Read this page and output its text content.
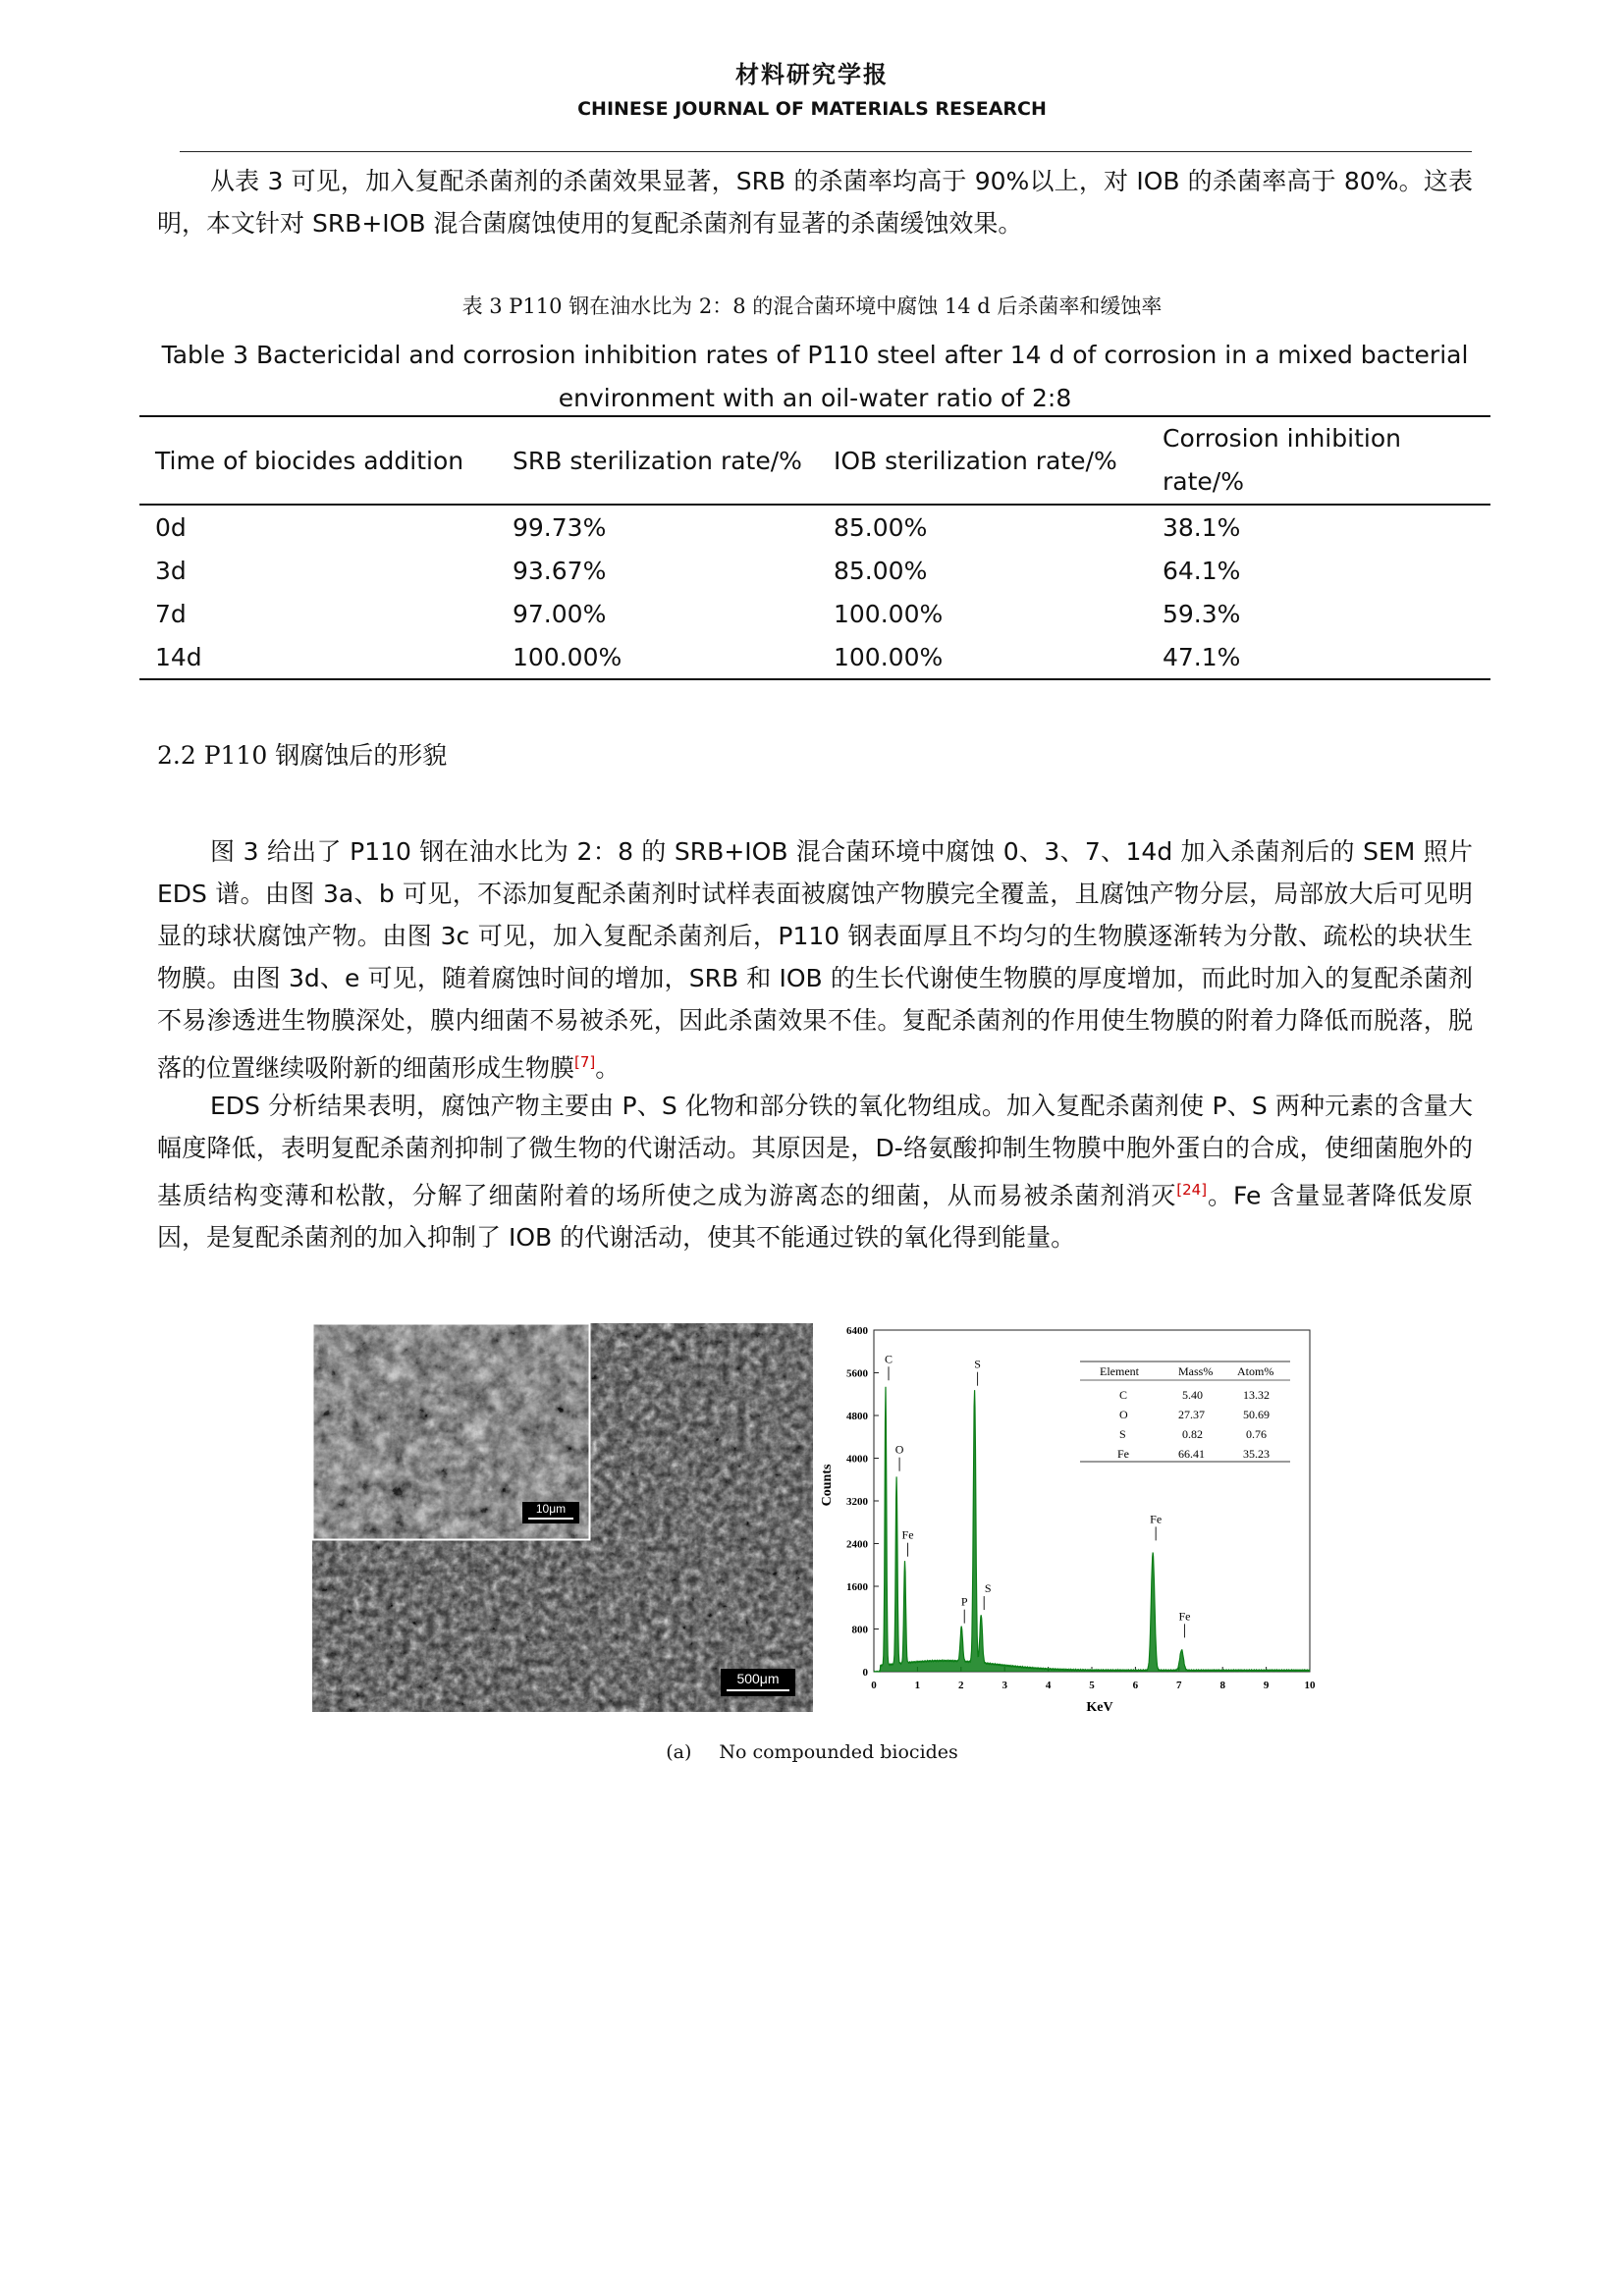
材料研究学报
CHINESE JOURNAL OF MATERIALS RESEARCH
从表 3 可见，加入复配杀菌剂的杀菌效果显著，SRB 的杀菌率均高于 90%以上，对 IOB 的杀菌率高于 80%。这表明，本文针对 SRB+IOB 混合菌腐蚀使用的复配杀菌剂有显著的杀菌缓蚀效果。
表 3 P110 钢在油水比为 2：8 的混合菌环境中腐蚀 14 d 后杀菌率和缓蚀率
Table 3 Bactericidal and corrosion inhibition rates of P110 steel after 14 d of corrosion in a mixed bacterial environment with an oil-water ratio of 2:8
Time of biocides addition	SRB sterilization rate/%	IOB sterilization rate/%	Corrosion inhibition rate/%
0d	99.73%	85.00%	38.1%
3d	93.67%	85.00%	64.1%
7d	97.00%	100.00%	59.3%
14d	100.00%	100.00%	47.1%
2.2 P110 钢腐蚀后的形貌
图 3 给出了 P110 钢在油水比为 2：8 的 SRB+IOB 混合菌环境中腐蚀 0、3、7、14d 加入杀菌剂后的 SEM 照片 EDS 谱。由图 3a、b 可见，不添加复配杀菌剂时试样表面被腐蚀产物膜完全覆盖，且腐蚀产物分层，局部放大后可见明显的球状腐蚀产物。由图 3c 可见，加入复配杀菌剂后，P110 钢表面厚且不均匀的生物膜逐渐转为分散、疏松的块状生物膜。由图 3d、e 可见，随着腐蚀时间的增加，SRB 和 IOB 的生长代谢使生物膜的厚度增加，而此时加入的复配杀菌剂不易渗透进生物膜深处，膜内细菌不易被杀死，因此杀菌效果不佳。复配杀菌剂的作用使生物膜的附着力降低而脱落，脱落的位置继续吸附新的细菌形成生物膜[7]。
EDS 分析结果表明，腐蚀产物主要由 P、S 化物和部分铁的氧化物组成。加入复配杀菌剂使 P、S 两种元素的含量大幅度降低，表明复配杀菌剂抑制了微生物的代谢活动。其原因是，D-络氨酸抑制生物膜中胞外蛋白的合成，使细菌胞外的基质结构变薄和松散，分解了细菌附着的场所使之成为游离态的细菌，从而易被杀菌剂消灭[24]。Fe 含量显著降低发原因，是复配杀菌剂的加入抑制了 IOB 的代谢活动，使其不能通过铁的氧化得到能量。
10μm
500μm	0
800
1600
2400
3200
4000
4800
5600
6400
0	1	2	3	4	5	6	7	8	9	10
C
O
Fe
P
S
S
Fe
Fe
Element	Mass% Atom%
C	5.40	13.32
O	27.37	50.69
S	0.82	0.76
Fe	66.41	35.23
KeV
Counts
(a) No compounded biocides
